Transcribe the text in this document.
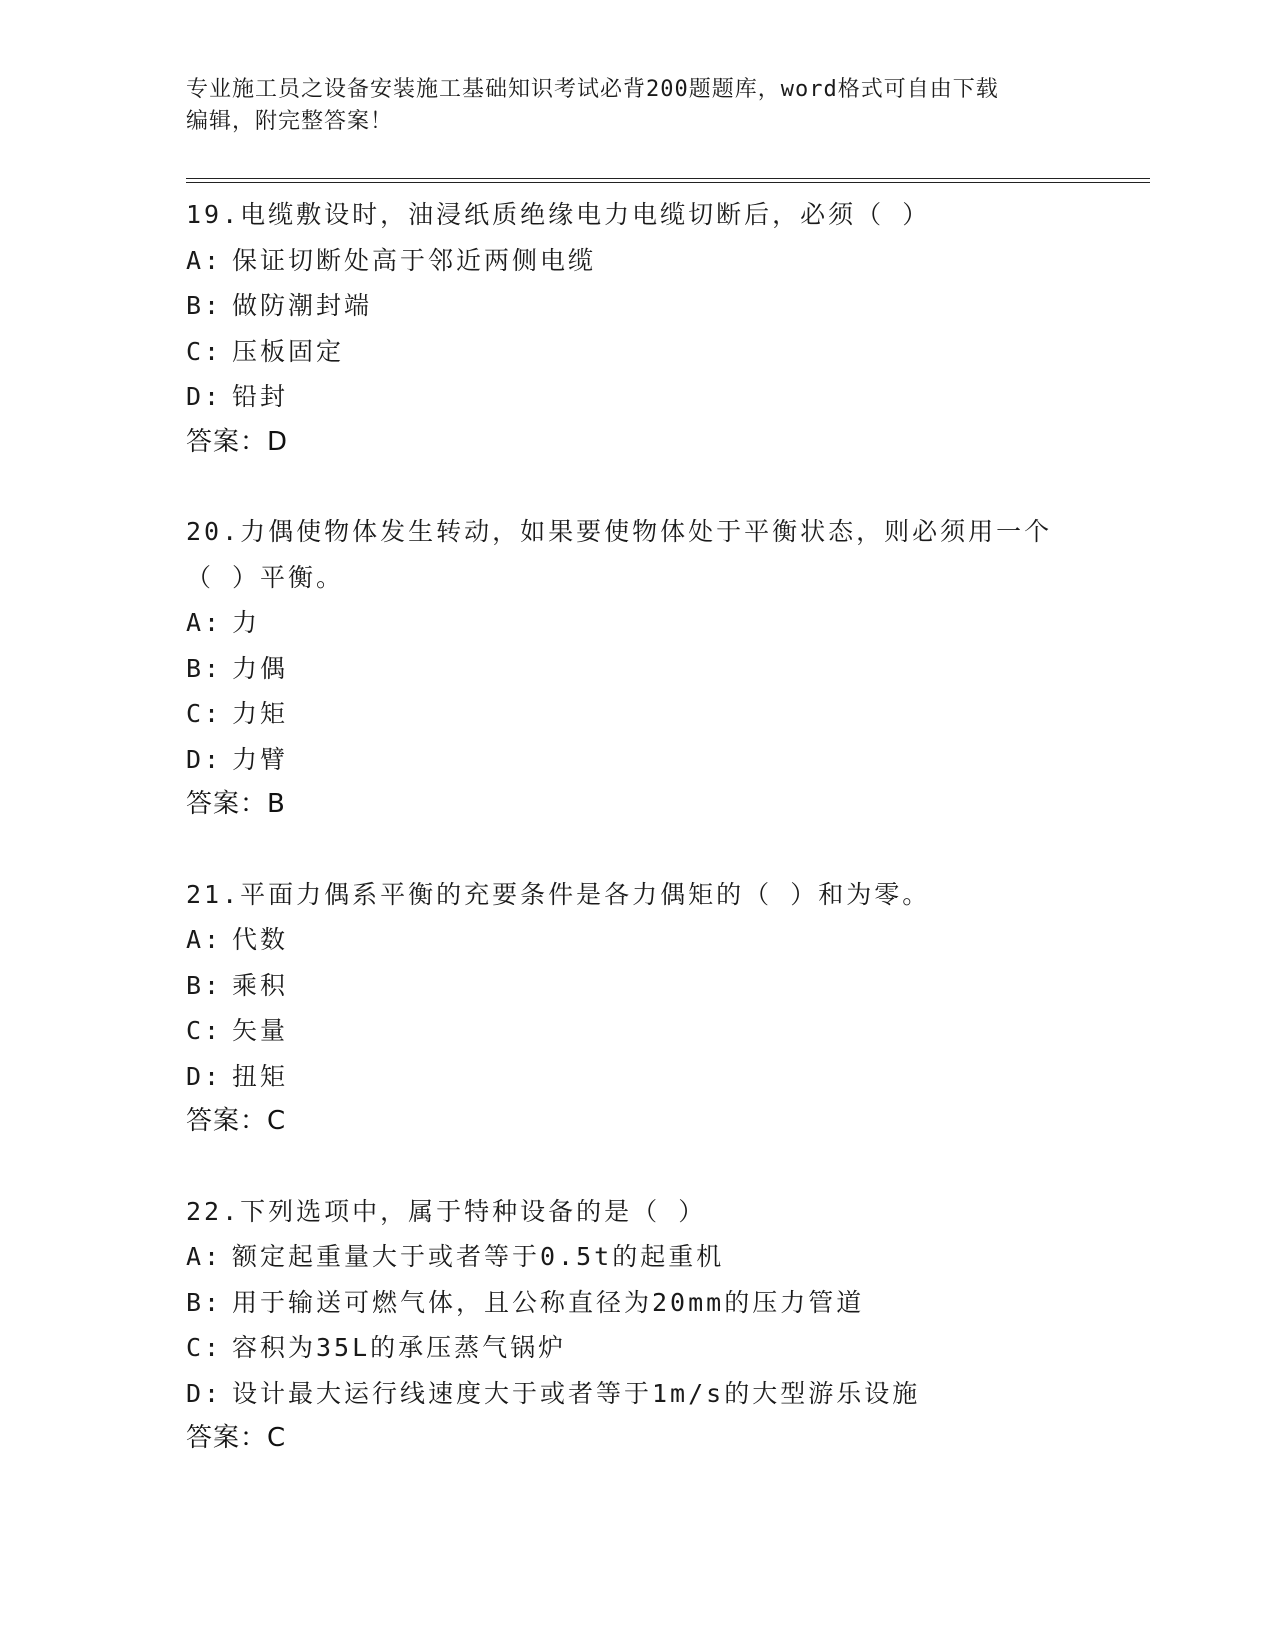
专业施工员之设备安装施工基础知识考试必背200题题库，word格式可自由下载
编辑，附完整答案！
19.电缆敷设时，油浸纸质绝缘电力电缆切断后，必须（ ）
A: 保证切断处高于邻近两侧电缆
B: 做防潮封端
C: 压板固定
D: 铅封
答案：D
20.力偶使物体发生转动，如果要使物体处于平衡状态，则必须用一个（ ）平衡。
A: 力
B: 力偶
C: 力矩
D: 力臂
答案：B
21.平面力偶系平衡的充要条件是各力偶矩的（ ）和为零。
A: 代数
B: 乘积
C: 矢量
D: 扭矩
答案：C
22.下列选项中，属于特种设备的是（ ）
A: 额定起重量大于或者等于0.5t的起重机
B: 用于输送可燃气体，且公称直径为20mm的压力管道
C: 容积为35L的承压蒸气锅炉
D: 设计最大运行线速度大于或者等于1m/s的大型游乐设施
答案：C
